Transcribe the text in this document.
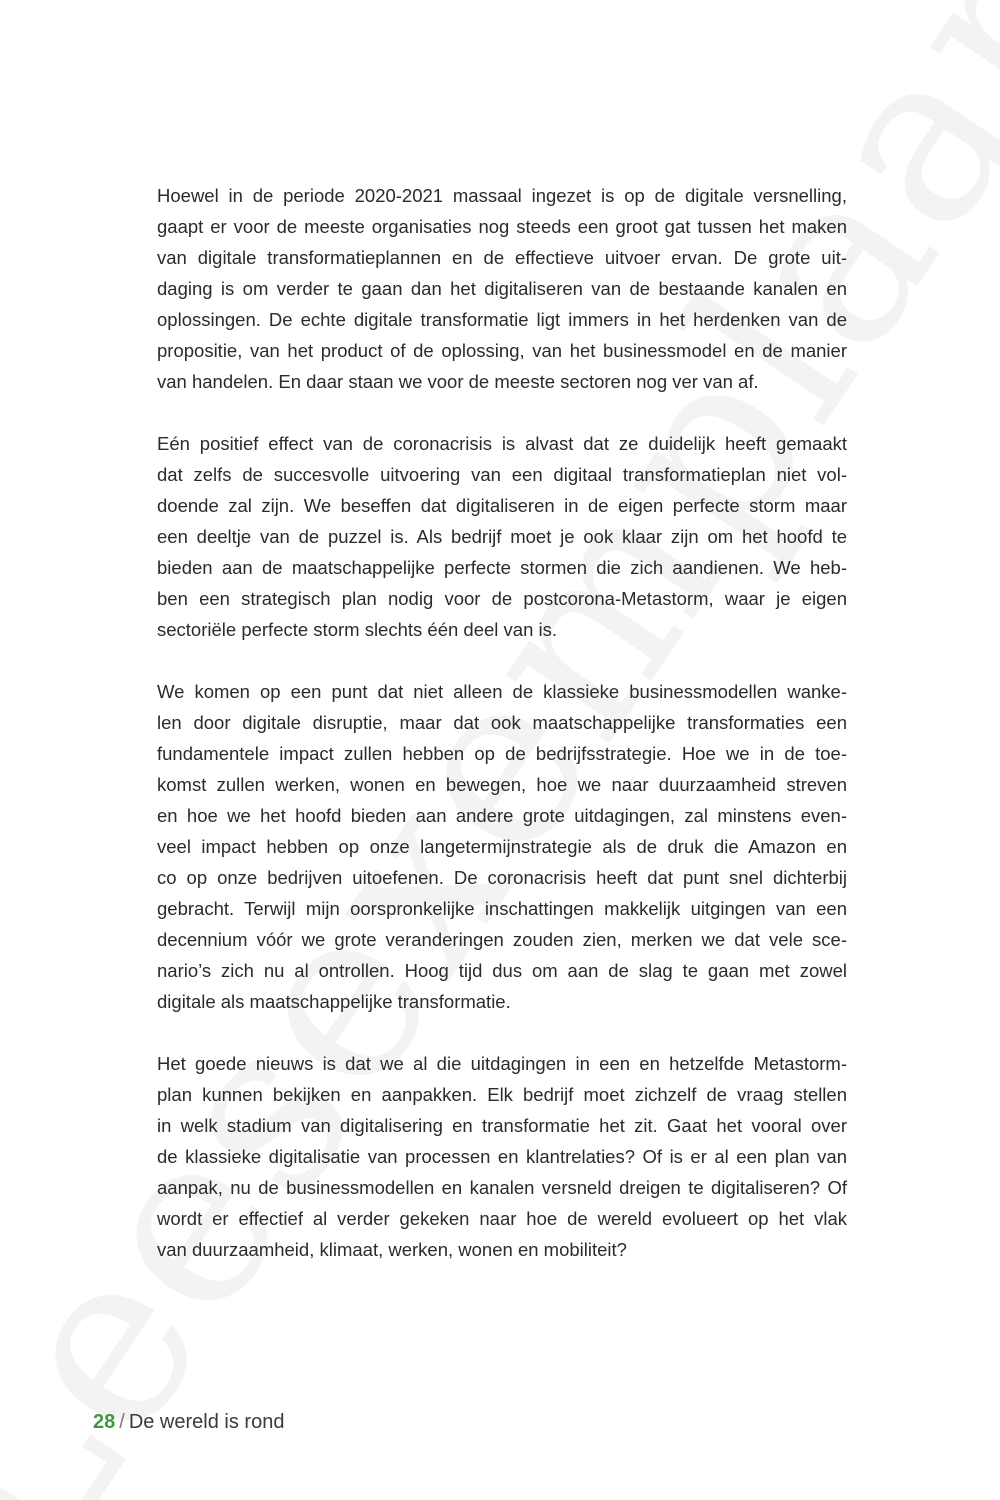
Hoewel in de periode 2020-2021 massaal ingezet is op de digitale versnelling,
gaapt er voor de meeste organisaties nog steeds een groot gat tussen het maken
van digitale transformatieplannen en de effectieve uitvoer ervan. De grote uit-
daging is om verder te gaan dan het digitaliseren van de bestaande kanalen en
oplossingen. De echte digitale transformatie ligt immers in het herdenken van de
propositie, van het product of de oplossing, van het businessmodel en de manier
van handelen. En daar staan we voor de meeste sectoren nog ver van af.
Eén positief effect van de coronacrisis is alvast dat ze duidelijk heeft gemaakt
dat zelfs de succesvolle uitvoering van een digitaal transformatieplan niet vol-
doende zal zijn. We beseffen dat digitaliseren in de eigen perfecte storm maar
een deeltje van de puzzel is. Als bedrijf moet je ook klaar zijn om het hoofd te
bieden aan de maatschappelijke perfecte stormen die zich aandienen. We heb-
ben een strategisch plan nodig voor de postcorona-Metastorm, waar je eigen
sectoriële perfecte storm slechts één deel van is.
We komen op een punt dat niet alleen de klassieke businessmodellen wanke-
len door digitale disruptie, maar dat ook maatschappelijke transformaties een
fundamentele impact zullen hebben op de bedrijfsstrategie. Hoe we in de toe-
komst zullen werken, wonen en bewegen, hoe we naar duurzaamheid streven
en hoe we het hoofd bieden aan andere grote uitdagingen, zal minstens even-
veel impact hebben op onze langetermijnstrategie als de druk die Amazon en
co op onze bedrijven uitoefenen. De coronacrisis heeft dat punt snel dichterbij
gebracht. Terwijl mijn oorspronkelijke inschattingen makkelijk uitgingen van een
decennium vóór we grote veranderingen zouden zien, merken we dat vele sce-
nario’s zich nu al ontrollen. Hoog tijd dus om aan de slag te gaan met zowel
digitale als maatschappelijke transformatie.
Het goede nieuws is dat we al die uitdagingen in een en hetzelfde Metastorm-
plan kunnen bekijken en aanpakken. Elk bedrijf moet zichzelf de vraag stellen
in welk stadium van digitalisering en transformatie het zit. Gaat het vooral over
de klassieke digitalisatie van processen en klantrelaties? Of is er al een plan van
aanpak, nu de businessmodellen en kanalen versneld dreigen te digitaliseren? Of
wordt er effectief al verder gekeken naar hoe de wereld evolueert op het vlak
van duurzaamheid, klimaat, werken, wonen en mobiliteit?
28 / De wereld is rond
